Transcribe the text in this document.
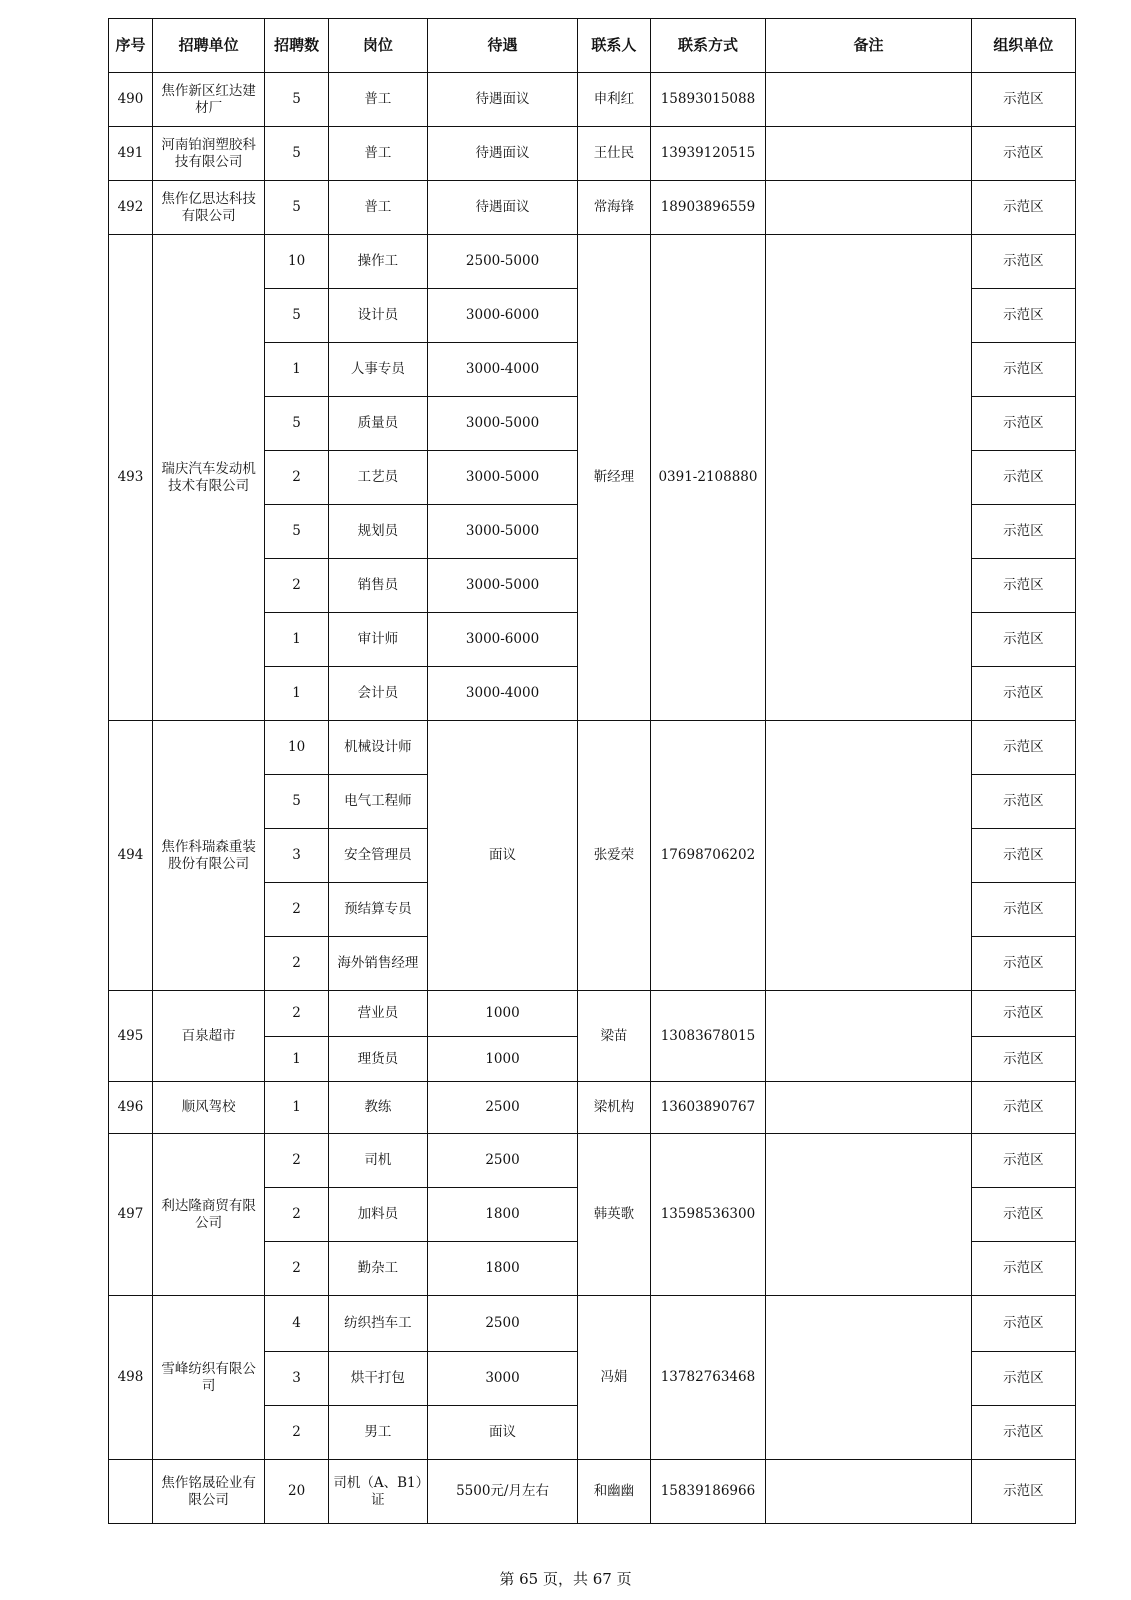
序号	招聘单位	招聘数	岗位	待遇	联系人	联系方式	备注	组织单位
490	焦作新区红达建材厂	5	普工	待遇面议	申利红	15893015088		示范区
491	河南铂润塑胶科技有限公司	5	普工	待遇面议	王仕民	13939120515		示范区
492	焦作亿思达科技有限公司	5	普工	待遇面议	常海锋	18903896559		示范区
493	瑞庆汽车发动机技术有限公司	10	操作工	2500-5000	靳经理	0391-2108880		示范区
		5	设计员	3000-6000				示范区
		1	人事专员	3000-4000				示范区
		5	质量员	3000-5000				示范区
		2	工艺员	3000-5000				示范区
		5	规划员	3000-5000				示范区
		2	销售员	3000-5000				示范区
		1	审计师	3000-6000				示范区
		1	会计员	3000-4000				示范区
494	焦作科瑞森重装股份有限公司	10	机械设计师	面议	张爱荣	17698706202		示范区
		5	电气工程师					示范区
		3	安全管理员					示范区
		2	预结算专员					示范区
		2	海外销售经理					示范区
495	百泉超市	2	营业员	1000	梁苗	13083678015		示范区
		1	理货员	1000				示范区
496	顺风驾校	1	教练	2500	梁机构	13603890767		示范区
497	利达隆商贸有限公司	2	司机	2500	韩英歌	13598536300		示范区
		2	加料员	1800				示范区
		2	勤杂工	1800				示范区
498	雪峰纺织有限公司	4	纺织挡车工	2500	冯娟	13782763468		示范区
		3	烘干打包	3000				示范区
		2	男工	面议				示范区
	焦作铭晟砼业有限公司	20	司机（A、B1）证	5500元/月左右	和幽幽	15839186966		示范区
第 65 页，共 67 页
